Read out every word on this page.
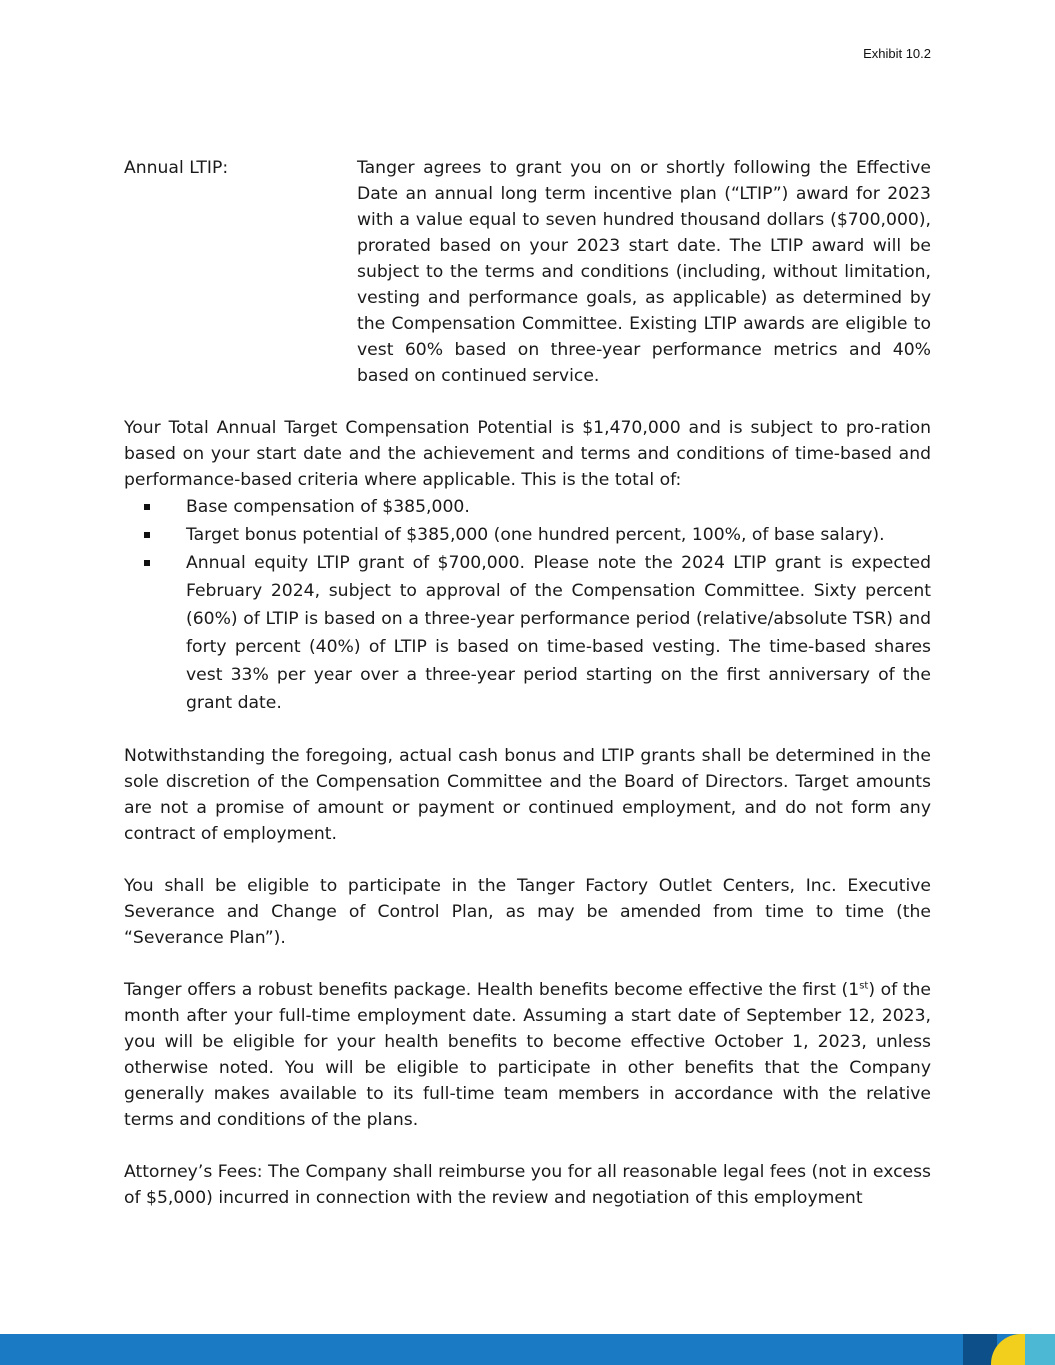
Exhibit 10.2
Annual LTIP:	Tanger agrees to grant you on or shortly following the Effective Date an annual long term incentive plan (“LTIP”) award for 2023 with a value equal to seven hundred thousand dollars ($700,000), prorated based on your 2023 start date. The LTIP award will be subject to the terms and conditions (including, without limitation, vesting and performance goals, as applicable) as determined by the Compensation Committee. Existing LTIP awards are eligible to vest 60% based on three-year performance metrics and 40% based on continued service.

Your Total Annual Target Compensation Potential is $1,470,000 and is subject to pro-ration based on your start date and the achievement and terms and conditions of time-based and performance-based criteria where applicable. This is the total of:

Base compensation of $385,000.
Target bonus potential of $385,000 (one hundred percent, 100%, of base salary).
Annual equity LTIP grant of $700,000. Please note the 2024 LTIP grant is expected February 2024, subject to approval of the Compensation Committee. Sixty percent (60%) of LTIP is based on a three-year performance period (relative/absolute TSR) and forty percent (40%) of LTIP is based on time-based vesting. The time-based shares vest 33% per year over a three-year period starting on the first anniversary of the grant date.

Notwithstanding the foregoing, actual cash bonus and LTIP grants shall be determined in the sole discretion of the Compensation Committee and the Board of Directors. Target amounts are not a promise of amount or payment or continued employment, and do not form any contract of employment.

You shall be eligible to participate in the Tanger Factory Outlet Centers, Inc. Executive Severance and Change of Control Plan, as may be amended from time to time (the “Severance Plan”).

Tanger offers a robust benefits package. Health benefits become effective the first (1st) of the month after your full-time employment date. Assuming a start date of September 12, 2023, you will be eligible for your health benefits to become effective October 1, 2023, unless otherwise noted. You will be eligible to participate in other benefits that the Company generally makes available to its full-time team members in accordance with the relative terms and conditions of the plans.

Attorney’s Fees: The Company shall reimburse you for all reasonable legal fees (not in excess of $5,000) incurred in connection with the review and negotiation of this employment
